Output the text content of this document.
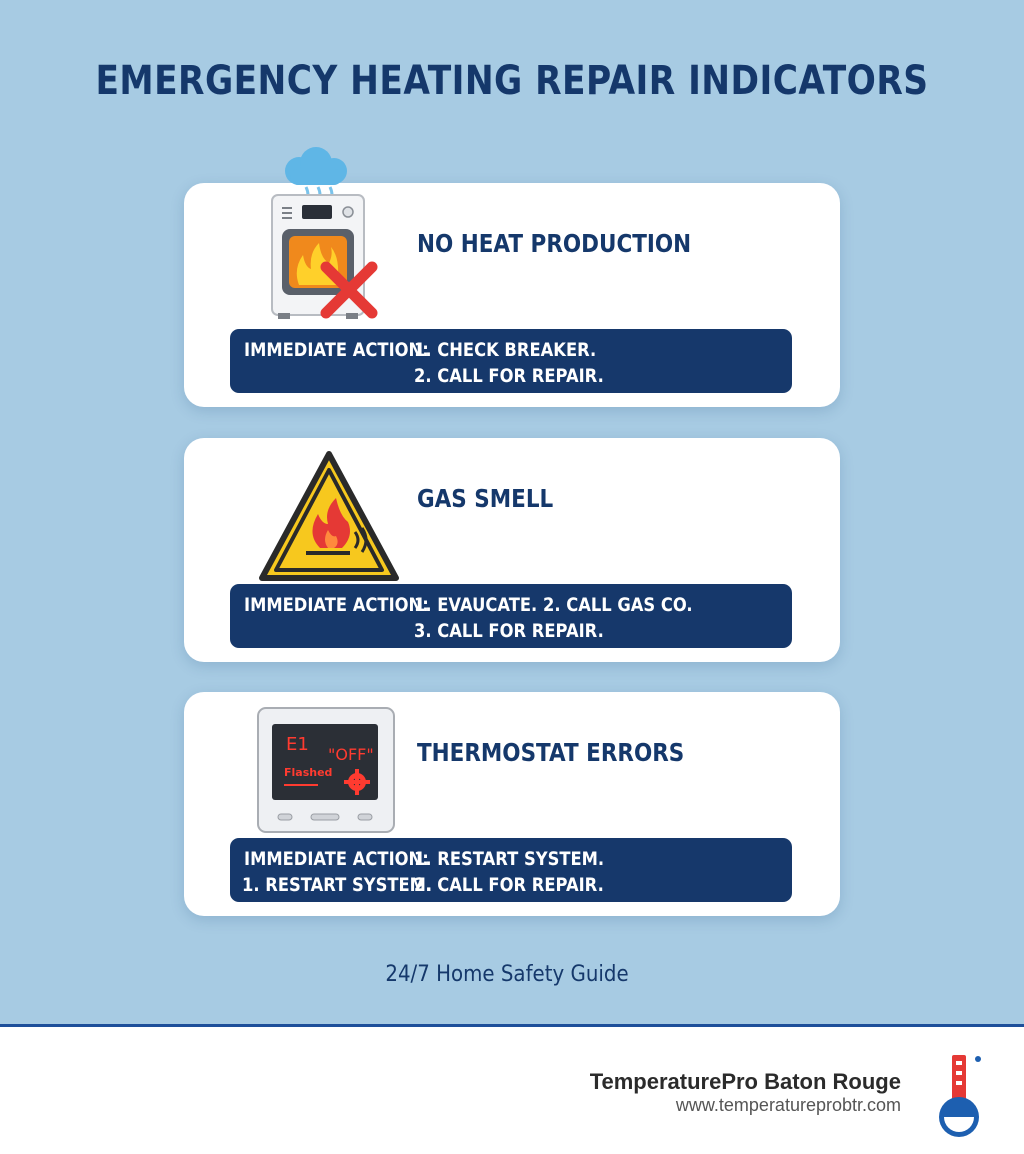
EMERGENCY HEATING REPAIR INDICATORS
NO HEAT PRODUCTION
IMMEDIATE ACTION:
1. CHECK BREAKER.
2. CALL FOR REPAIR.
GAS SMELL
IMMEDIATE ACTION:
1. EVAUCATE. 2. CALL GAS CO.
3. CALL FOR REPAIR.
E1 "OFF"
Flashed
THERMOSTAT ERRORS
IMMEDIATE ACTION:
1. RESTART SYSTEM.
1. RESTART SYSTEM.
2. CALL FOR REPAIR.
24/7 Home Safety Guide
TemperaturePro Baton Rouge
www.temperatureprobtr.com
